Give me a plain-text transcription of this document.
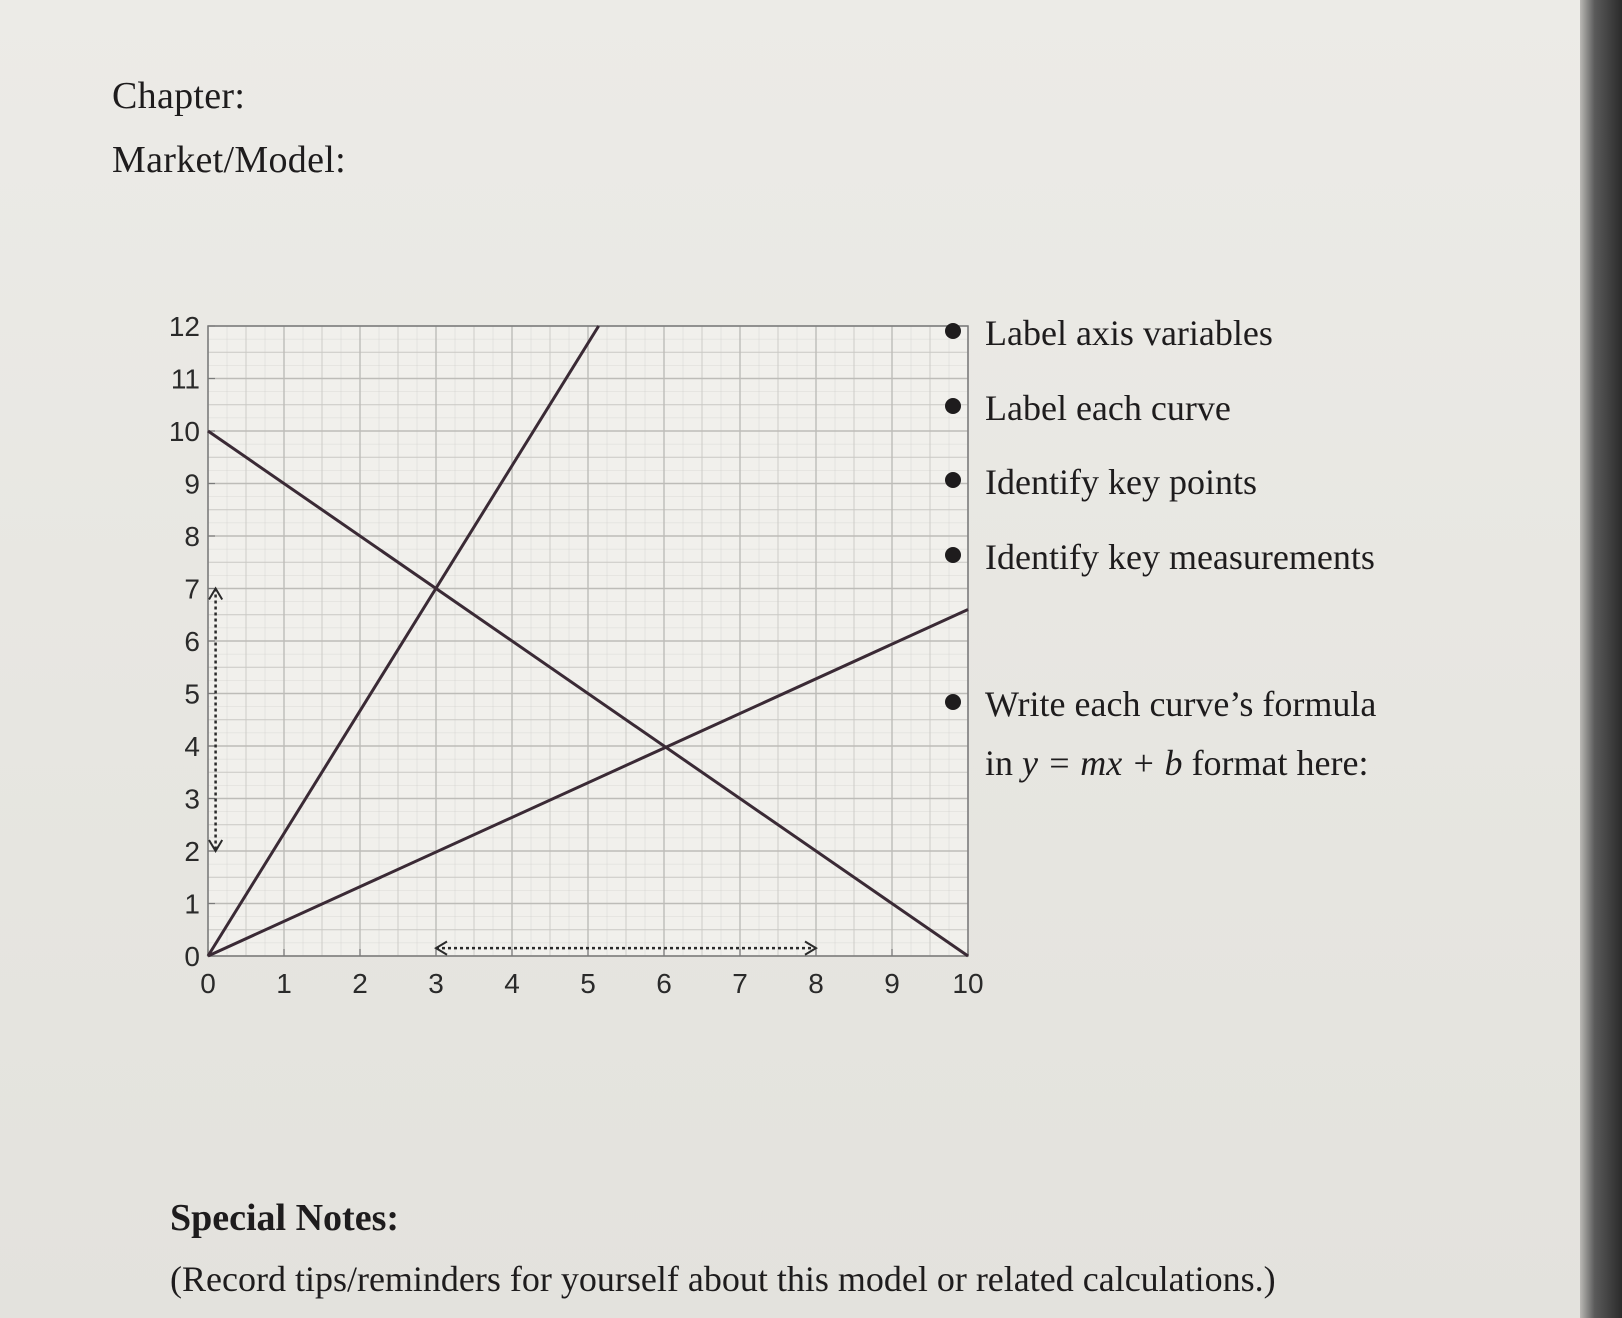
Chapter:
Market/Model:
0 1 2 3 4 5 6 7 8 9 10
0
1
2
3
4
5
6
7
8
9
10
11
12	Label axis variables
Label each curve
Identify key points
Identify key measurements
Write each curve’s formula
in y = mx + b format here:
Special Notes:

(Record tips/reminders for yourself about this model or related calculations.)
